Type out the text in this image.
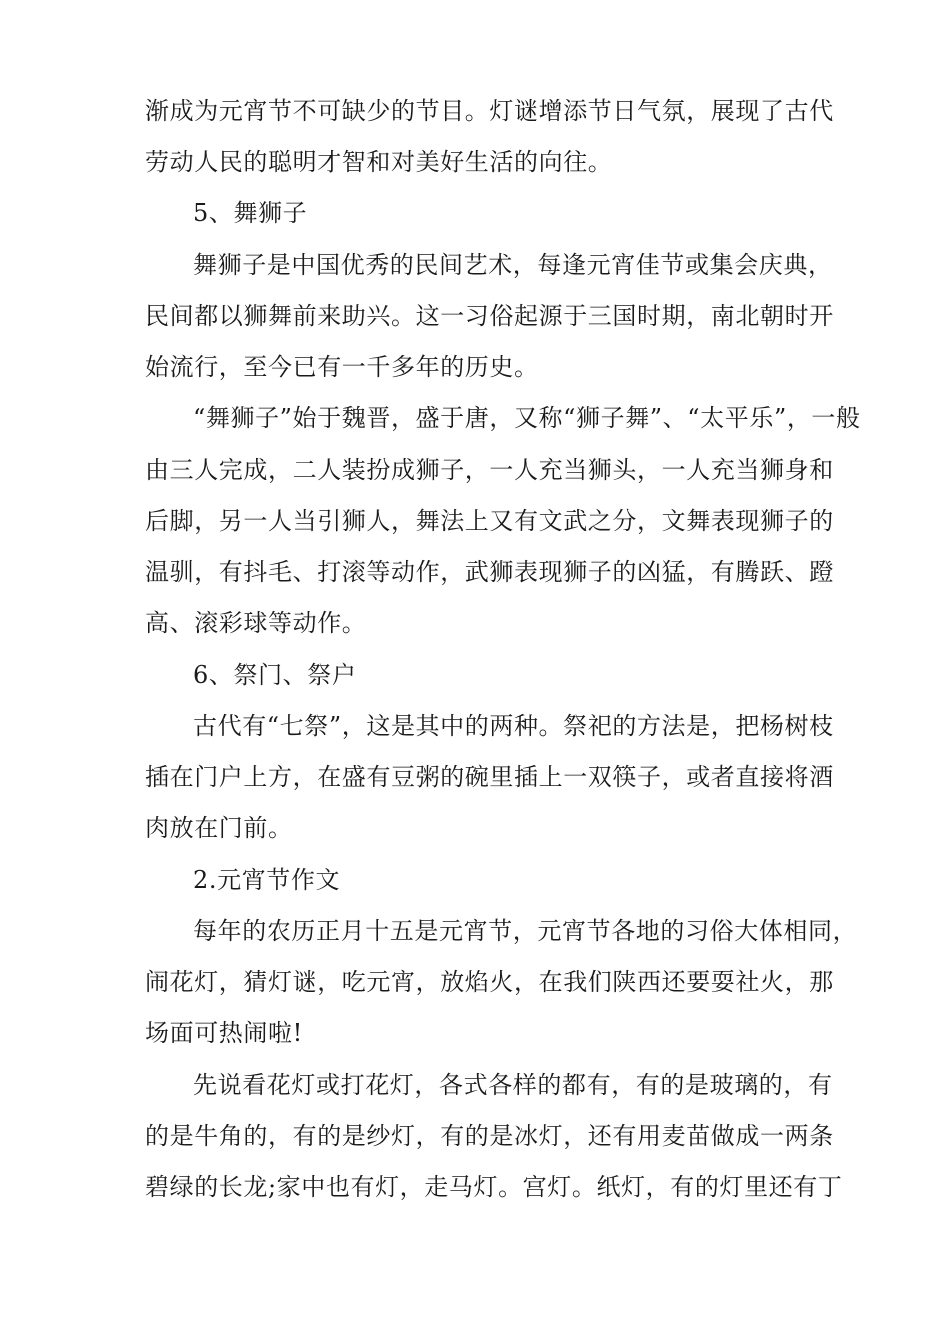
渐成为元宵节不可缺少的节目。灯谜增添节日气氛，展现了古代
劳动人民的聪明才智和对美好生活的向往。
5、舞狮子
舞狮子是中国优秀的民间艺术，每逢元宵佳节或集会庆典，
民间都以狮舞前来助兴。这一习俗起源于三国时期，南北朝时开
始流行，至今已有一千多年的历史。
“舞狮子”始于魏晋，盛于唐，又称“狮子舞”、“太平乐”，一般
由三人完成，二人装扮成狮子，一人充当狮头，一人充当狮身和
后脚，另一人当引狮人，舞法上又有文武之分，文舞表现狮子的
温驯，有抖毛、打滚等动作，武狮表现狮子的凶猛，有腾跃、蹬
高、滚彩球等动作。
6、祭门、祭户
古代有“七祭”，这是其中的两种。祭祀的方法是，把杨树枝
插在门户上方，在盛有豆粥的碗里插上一双筷子，或者直接将酒
肉放在门前。
2.元宵节作文
每年的农历正月十五是元宵节，元宵节各地的习俗大体相同，
闹花灯，猜灯谜，吃元宵，放焰火，在我们陕西还要耍社火，那
场面可热闹啦!
先说看花灯或打花灯，各式各样的都有，有的是玻璃的，有
的是牛角的，有的是纱灯，有的是冰灯，还有用麦苗做成一两条
碧绿的长龙;家中也有灯，走马灯。宫灯。纸灯，有的灯里还有丁
